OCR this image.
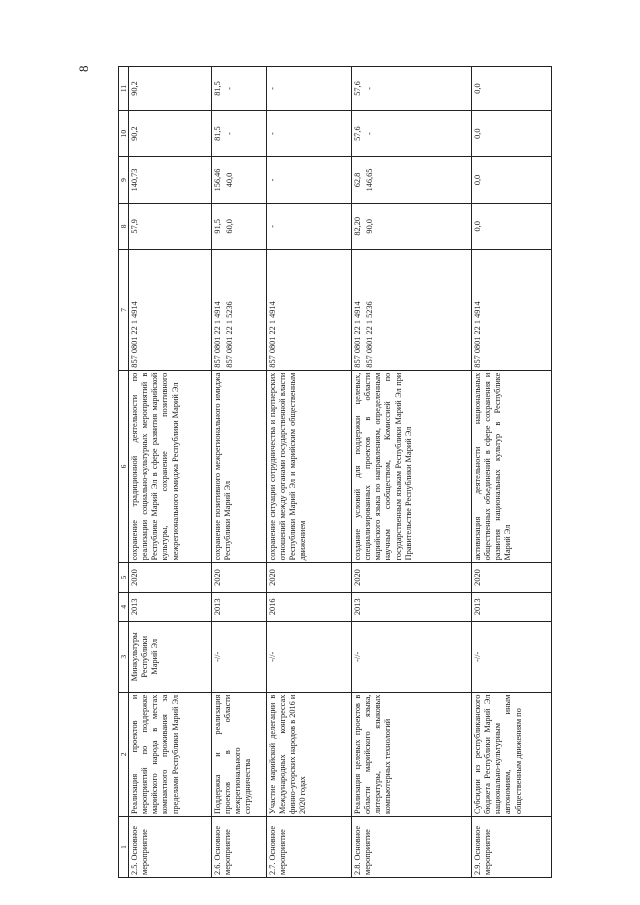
8
1	2	3	4	5	6	7	8	9	10	11
2.5. Основное мероприятие	Реализация проектов и мероприятий по поддержке марийского народа в местах компактного проживания за пределами Республики Марий Эл	Минкультуры Республики Марий Эл	2013	2020	сохранение традиционной деятельности по реализации социально-культурных мероприятий в Республике Марий Эл в сфере развития марийской культуры, сохранение позитивного межрегионального имиджа Республики Марий Эл	857 0801 22 1 4914	57,9	140,73	90,2	90,2

2.6. Основное мероприятие	Поддержка и реализация проектов в области межрегионального сотрудничества	-//-	2013	2020	сохранение позитивного межрегионального имиджа Республики Марий Эл	857 0801 22 1 4914 857 0801 22 1 5236	91,5 60,0	156,46 40,0	81,5 -	81,5 -

2.7. Основное мероприятие	Участие марийской делегации в Международных конгрессах финно-угорских народов в 2016 и 2020 годах	-//-	2016	2020	сохранение ситуации сотрудничества и партнерских отношений между органами государственной власти Республики Марий Эл и марийским общественным движением	857 0801 22 1 4914	-	-	-	-

2.8. Основное мероприятие	Реализация целевых проектов в области марийского языка, литературы, языковых компьютерных технологий	-//-	2013	2020	создание условий для поддержки целевых, специализированных проектов в области марийского языка по направлениям, определенным научным сообществом, Комиссией по государственным языкам Республики Марий Эл при Правительстве Республики Марий Эл	857 0801 22 1 4914 857 0801 22 1 5236	82,20 90,0	62,8 146,65	57,6 -	57,6 -

2.9. Основное мероприятие	Субсидии из республиканского бюджета Республики Марий Эл национально-культурным автономиям, иным общественным движениям по	-//-	2013	2020	активизация деятельности национальных общественных объединений в сфере сохранения и развития национальных культур в Республике Марий Эл	857 0801 22 1 4914	0,0	0,0	0,0	0,0
